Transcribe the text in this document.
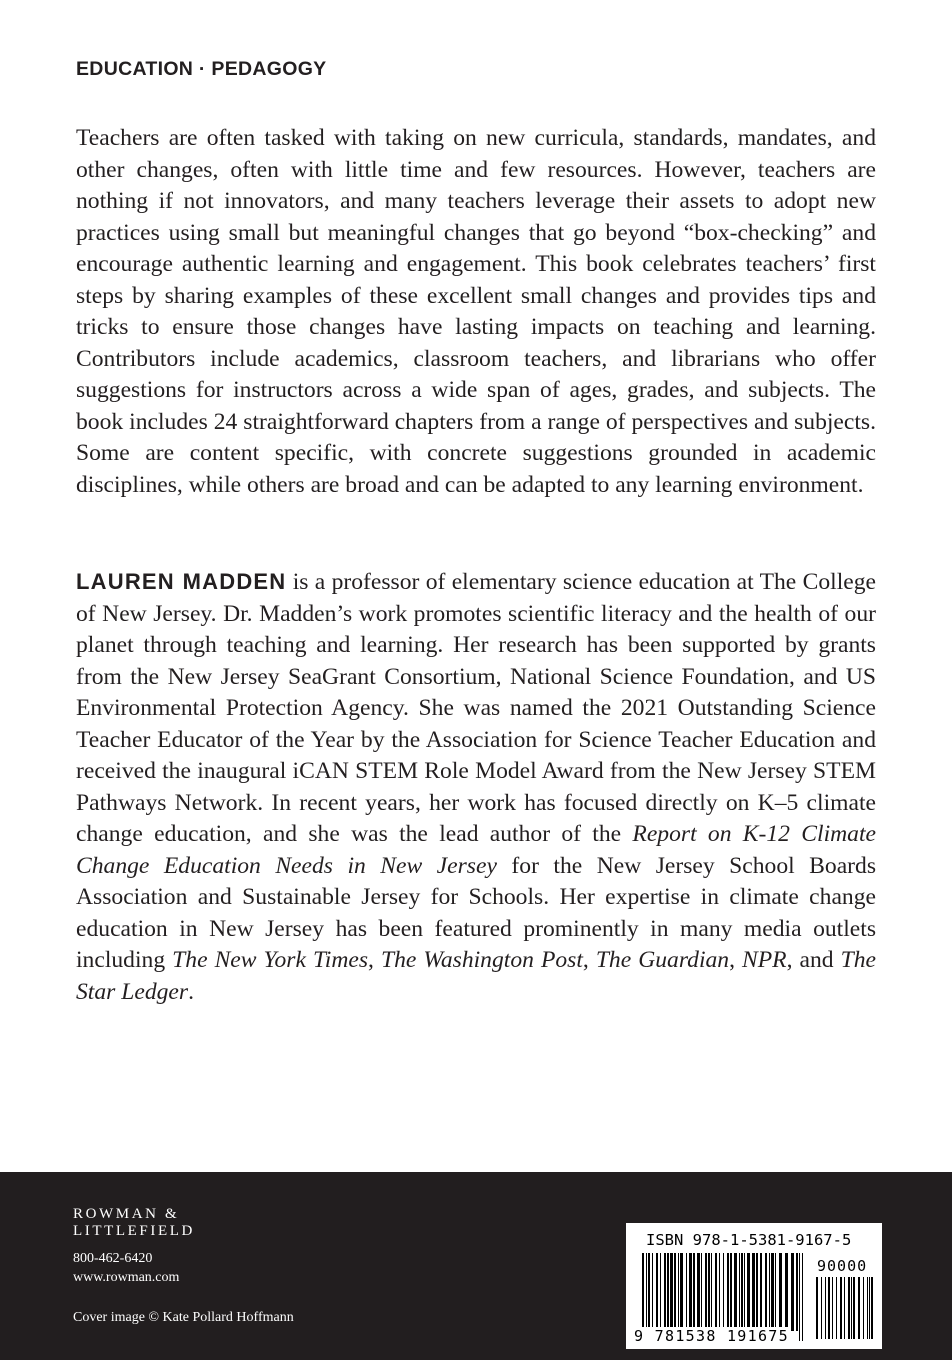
EDUCATION · PEDAGOGY

Teachers are often tasked with taking on new curricula, standards, mandates, and other changes, often with little time and few resources. However, teachers are nothing if not innovators, and many teachers leverage their assets to adopt new practices using small but meaningful changes that go beyond “box-checking” and encourage authentic learning and engagement. This book celebrates teachers’ first steps by sharing examples of these excellent small changes and provides tips and tricks to ensure those changes have lasting impacts on teaching and learning. Contributors include academics, classroom teachers, and librarians who offer suggestions for instructors across a wide span of ages, grades, and subjects. The book includes 24 straightforward chapters from a range of perspectives and subjects. Some are content specific, with concrete suggestions grounded in academic disciplines, while others are broad and can be adapted to any learning environment.

LAUREN MADDEN is a professor of elementary science education at The College of New Jersey. Dr. Madden’s work promotes scientific literacy and the health of our planet through teaching and learning. Her research has been supported by grants from the New Jersey SeaGrant Consortium, National Science Foundation, and US Environmental Protection Agency. She was named the 2021 Outstanding Science Teacher Educator of the Year by the Association for Science Teacher Education and received the inaugural iCAN STEM Role Model Award from the New Jersey STEM Pathways Network. In recent years, her work has focused directly on K–5 climate change education, and she was the lead author of the Report on K-12 Climate Change Education Needs in New Jersey for the New Jersey School Boards Association and Sustainable Jersey for Schools. Her expertise in climate change education in New Jersey has been featured prominently in many media outlets including The New York Times, The Washington Post, The Guardian, NPR, and The Star Ledger.

ROWMAN &
LITTLEFIELD
800-462-6420
www.rowman.com
Cover image © Kate Pollard Hoffmann
ISBN 978-1-5381-9167-5
90000
9 781538 191675
